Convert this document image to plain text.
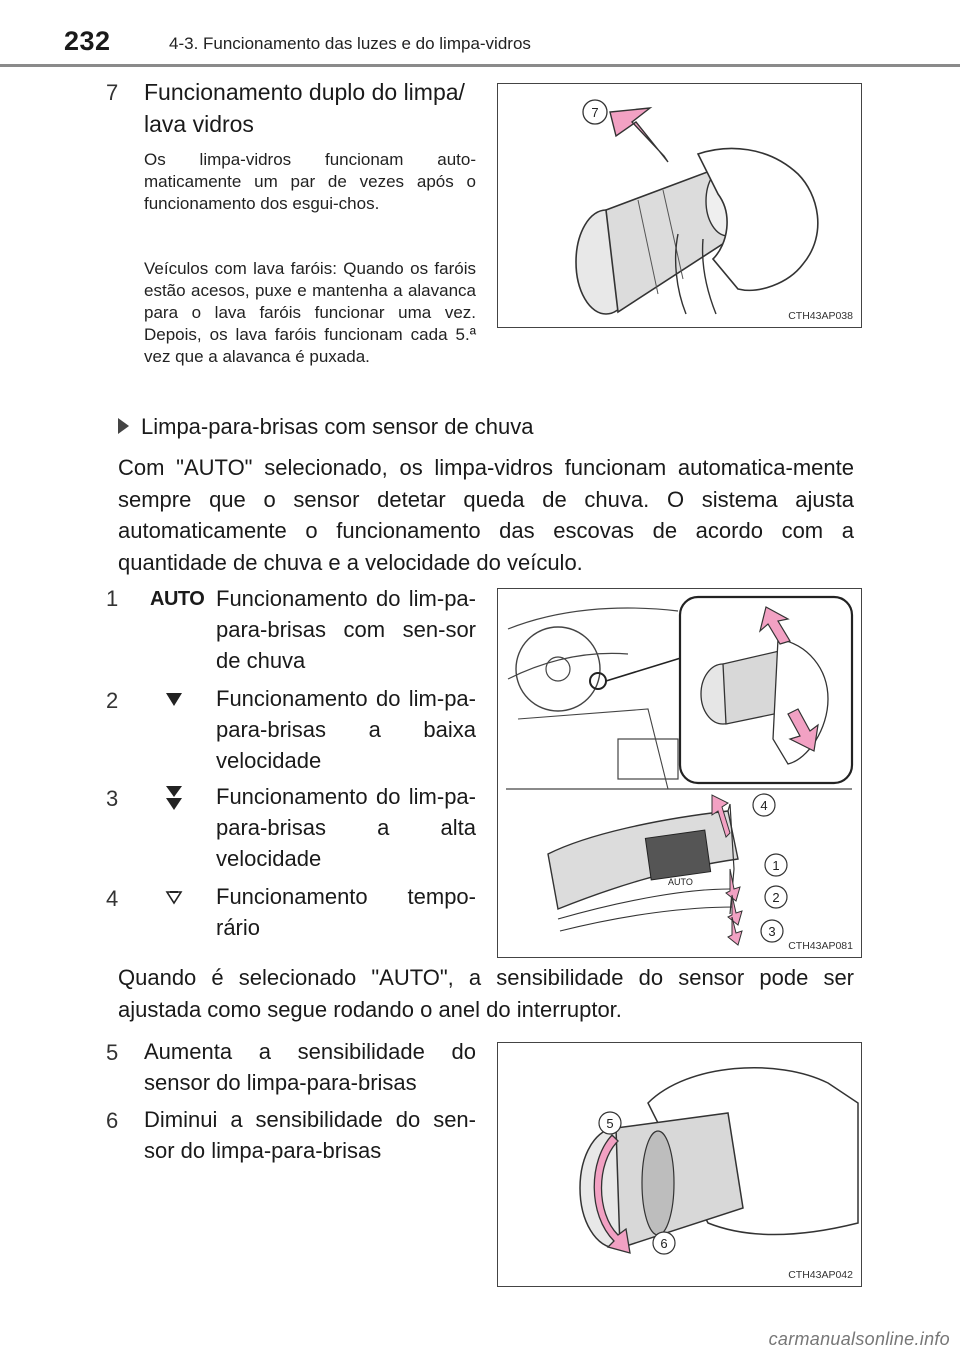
232	4-3. Funcionamento das luzes e do limpa-vidros
7 Funcionamento duplo do limpa/ lava vidros
Os limpa-vidros funcionam auto-maticamente um par de vezes após o funcionamento dos esgui-chos.
Veículos com lava faróis: Quando os faróis estão acesos, puxe e mantenha a alavanca para o lava faróis funcionar uma vez. Depois, os lava faróis funcionam cada 5.ª vez que a alavanca é puxada.
7
CTH43AP038
Limpa-para-brisas com sensor de chuva
Com "AUTO" selecionado, os limpa-vidros funcionam automatica-mente sempre que o sensor detetar queda de chuva. O sistema ajusta automaticamente o funcionamento das escovas de acordo com a quantidade de chuva e a velocidade do veículo.
1 AUTO Funcionamento do lim-pa-para-brisas com sen-sor de chuva
2	Funcionamento do lim-pa-para-brisas a baixa velocidade
3	Funcionamento do lim-pa-para-brisas a alta velocidade
4	Funcionamento tempo-rário
AUTO
4
1
2
3
CTH43AP081
Quando é selecionado "AUTO", a sensibilidade do sensor pode ser ajustada como segue rodando o anel do interruptor.
5 Aumenta a sensibilidade do sensor do limpa-para-brisas
6 Diminui a sensibilidade do sen-sor do limpa-para-brisas
5
6
CTH43AP042
carmanualsonline.info
